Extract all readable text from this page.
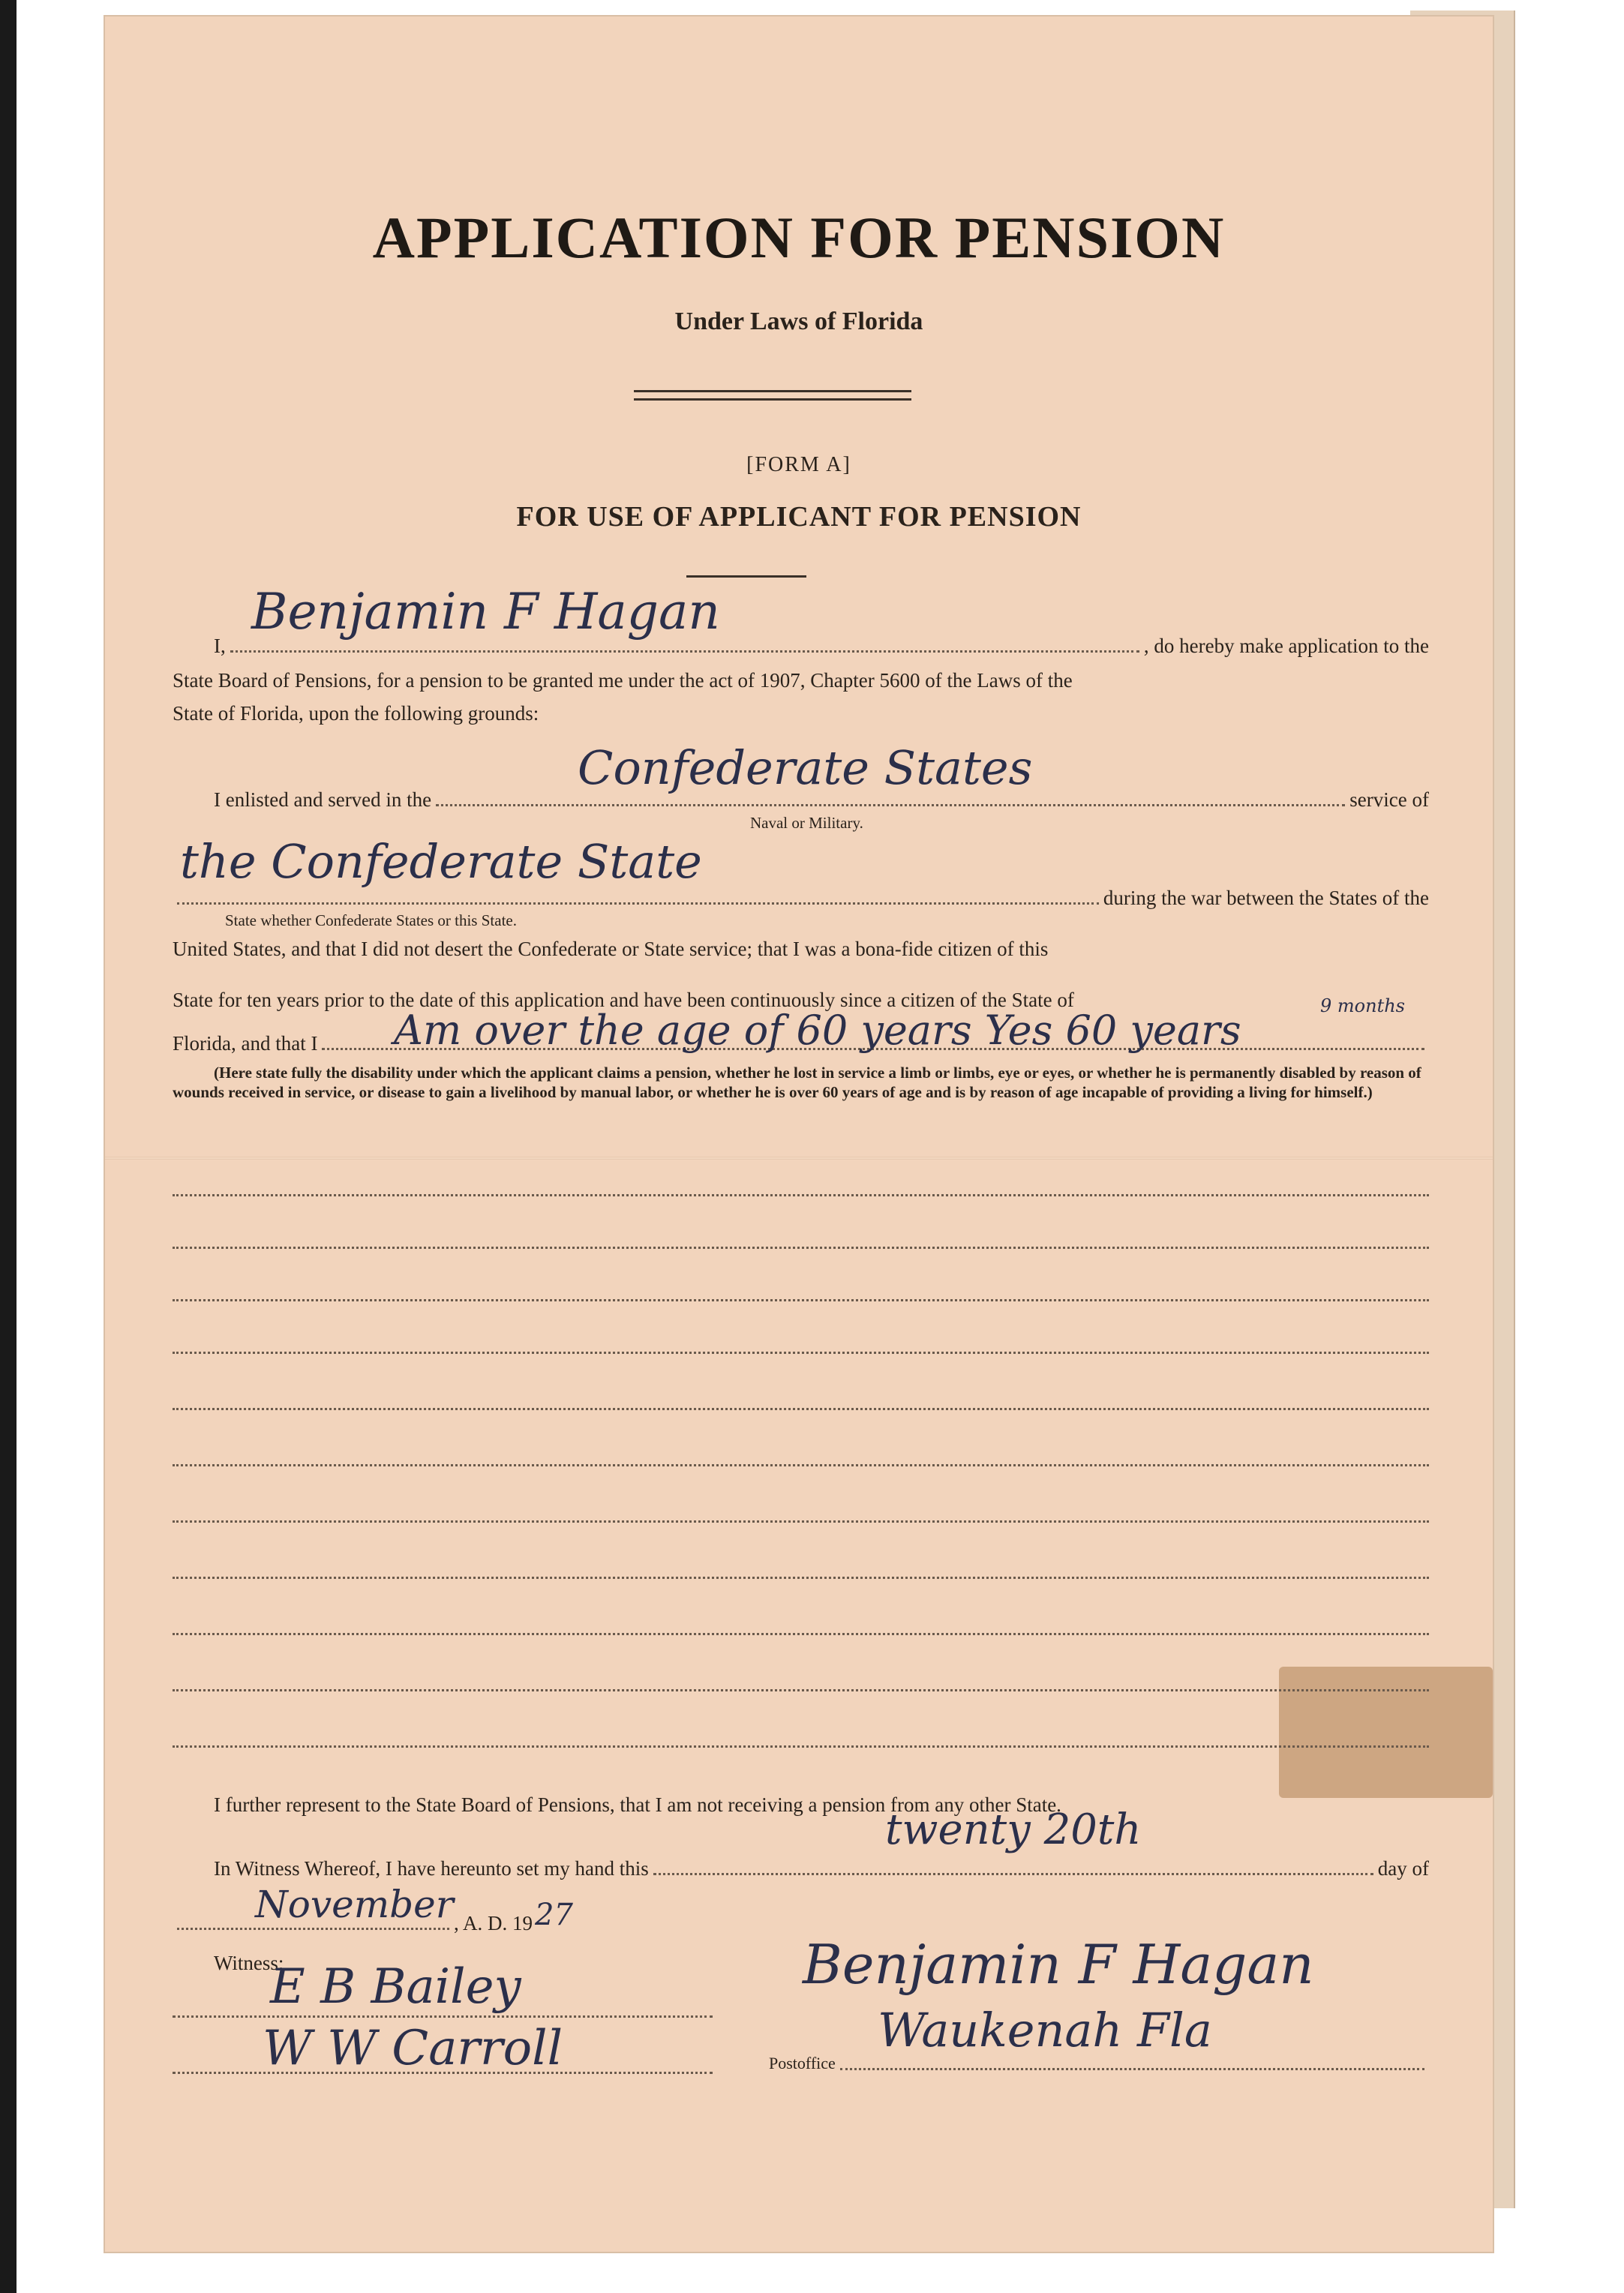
APPLICATION FOR PENSION
Under Laws of Florida
[FORM A]
FOR USE OF APPLICANT FOR PENSION
I,	, do hereby make application to the
Benjamin F Hagan
State Board of Pensions, for a pension to be granted me under the act of 1907, Chapter 5600 of the Laws of the
State of Florida, upon the following grounds:
I enlisted and served in the	service of
Confederate States
Naval or Military.
during the war between the States of the
the Confederate State
State whether Confederate States or this State.
United States, and that I did not desert the Confederate or State service; that I was a bona-fide citizen of this
State for ten years prior to the date of this application and have been continuously since a citizen of the State of
Florida, and that I Am over the age of 60 years Yes 60 years
9 months
(Here state fully the disability under which the applicant claims a pension, whether he lost in service a limb or limbs, eye or eyes, or whether he is permanently disabled by reason of wounds received in service, or disease to gain a livelihood by manual labor, or whether he is over 60 years of age and is by reason of age incapable of providing a living for himself.)
I further represent to the State Board of Pensions, that I am not receiving a pension from any other State.
In Witness Whereof, I have hereunto set my hand this	day of
twenty 20th
, A. D. 19
November	27
Witness:
E B Bailey
W W Carroll
Benjamin F Hagan
Postoffice
Waukenah Fla
